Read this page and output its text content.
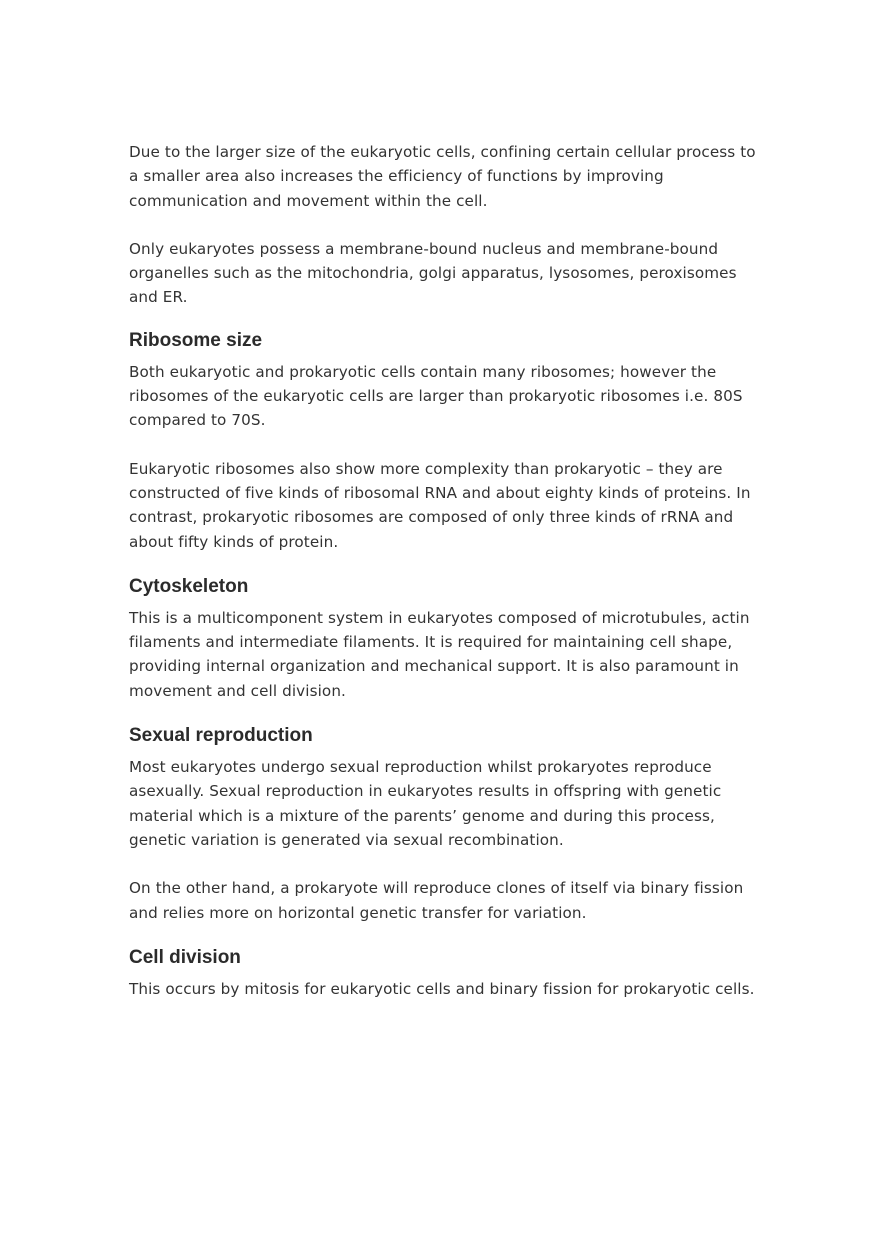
Due to the larger size of the eukaryotic cells, confining certain cellular process to a smaller area also increases the efficiency of functions by improving communication and movement within the cell.

Only eukaryotes possess a membrane-bound nucleus and membrane-bound organelles such as the mitochondria, golgi apparatus, lysosomes, peroxisomes and ER.

Ribosome size

Both eukaryotic and prokaryotic cells contain many ribosomes; however the ribosomes of the eukaryotic cells are larger than prokaryotic ribosomes i.e. 80S compared to 70S.

Eukaryotic ribosomes also show more complexity than prokaryotic – they are constructed of five kinds of ribosomal RNA and about eighty kinds of proteins. In contrast, prokaryotic ribosomes are composed of only three kinds of rRNA and about fifty kinds of protein.

Cytoskeleton

This is a multicomponent system in eukaryotes composed of microtubules, actin filaments and intermediate filaments. It is required for maintaining cell shape, providing internal organization and mechanical support. It is also paramount in movement and cell division.

Sexual reproduction

Most eukaryotes undergo sexual reproduction whilst prokaryotes reproduce asexually. Sexual reproduction in eukaryotes results in offspring with genetic material which is a mixture of the parents’ genome and during this process, genetic variation is generated via sexual recombination.

On the other hand, a prokaryote will reproduce clones of itself via binary fission and relies more on horizontal genetic transfer for variation.

Cell division

This occurs by mitosis for eukaryotic cells and binary fission for prokaryotic cells.
